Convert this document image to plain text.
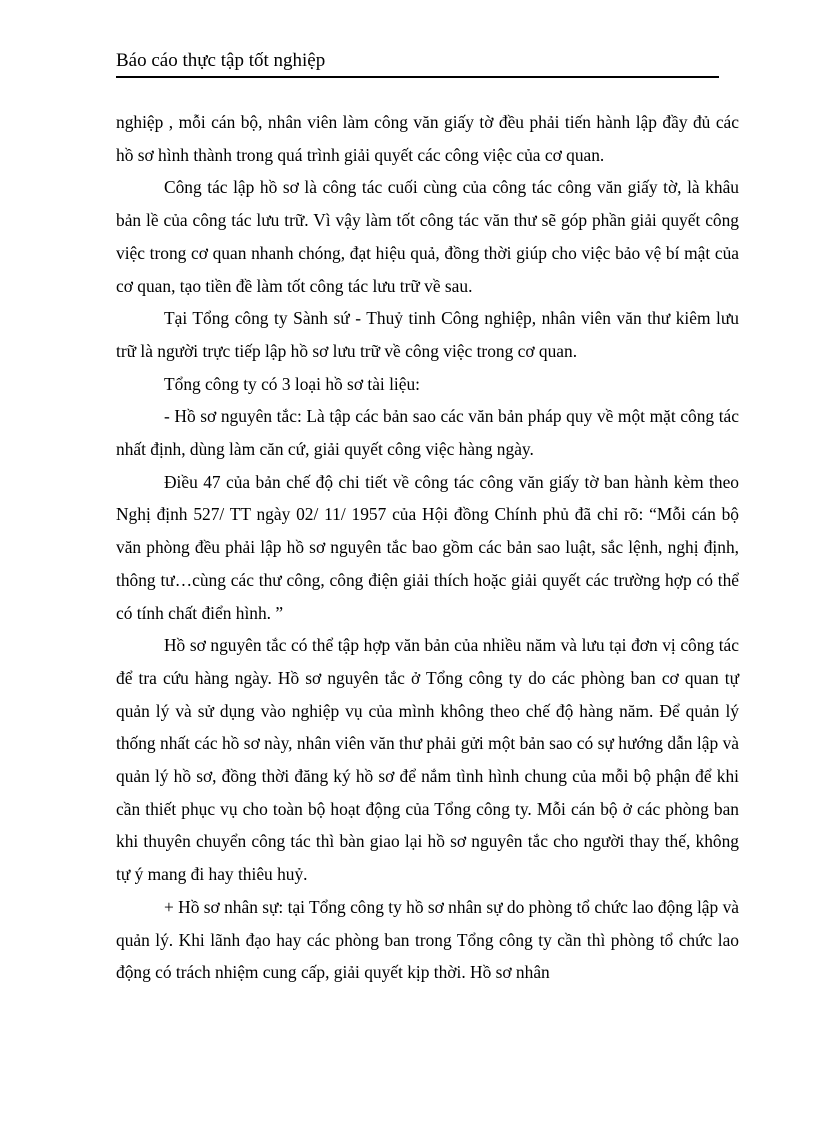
Báo cáo thực tập tốt nghiệp

nghiệp , mỗi cán bộ, nhân viên làm công văn giấy tờ đều phải tiến hành lập đầy đủ các hồ sơ hình thành trong quá trình giải quyết các công việc của cơ quan.

Công tác lập hồ sơ là công tác cuối cùng của công tác công văn giấy tờ, là khâu bản lề của công tác lưu trữ. Vì vậy làm tốt công tác văn thư sẽ góp phần giải quyết công việc trong cơ quan nhanh chóng, đạt hiệu quả, đồng thời giúp cho việc bảo vệ bí mật của cơ quan, tạo tiền đề làm tốt công tác lưu trữ về sau.

Tại Tổng công ty Sành sứ - Thuỷ tinh Công nghiệp, nhân viên văn thư kiêm lưu trữ là người trực tiếp lập hồ sơ lưu trữ về công việc trong cơ quan.

Tổng công ty có 3 loại hồ sơ tài liệu:

- Hồ sơ nguyên tắc: Là tập các bản sao các văn bản pháp quy về một mặt công tác nhất định, dùng làm căn cứ, giải quyết công việc hàng ngày.

Điều 47 của bản chế độ chi tiết về công tác công văn giấy tờ ban hành kèm theo Nghị định 527/ TT ngày 02/ 11/ 1957 của Hội đồng Chính phủ đã chỉ rõ: “Mỗi cán bộ văn phòng đều phải lập hồ sơ nguyên tắc bao gồm các bản sao luật, sắc lệnh, nghị định, thông tư…cùng các thư công, công điện giải thích hoặc giải quyết các trường hợp có thể có tính chất điển hình. ”

Hồ sơ nguyên tắc có thể tập hợp văn bản của nhiều năm và lưu tại đơn vị công tác để tra cứu hàng ngày. Hồ sơ nguyên tắc ở Tổng công ty do các phòng ban cơ quan tự quản lý và sử dụng vào nghiệp vụ của mình không theo chế độ hàng năm. Để quản lý thống nhất các hồ sơ này, nhân viên văn thư phải gửi một bản sao có sự hướng dẫn lập và quản lý hồ sơ, đồng thời đăng ký hồ sơ để nắm tình hình chung của mỗi bộ phận để khi cần thiết phục vụ cho toàn bộ hoạt động của Tổng công ty. Mỗi cán bộ ở các phòng ban khi thuyên chuyển công tác thì bàn giao lại hồ sơ nguyên tắc cho người thay thế, không tự ý mang đi hay thiêu huỷ.

+ Hồ sơ nhân sự: tại Tổng công ty hồ sơ nhân sự do phòng tổ chức lao động lập và quản lý. Khi lãnh đạo hay các phòng ban trong Tổng công ty cần thì phòng tổ chức lao động có trách nhiệm cung cấp, giải quyết kịp thời. Hồ sơ nhân
